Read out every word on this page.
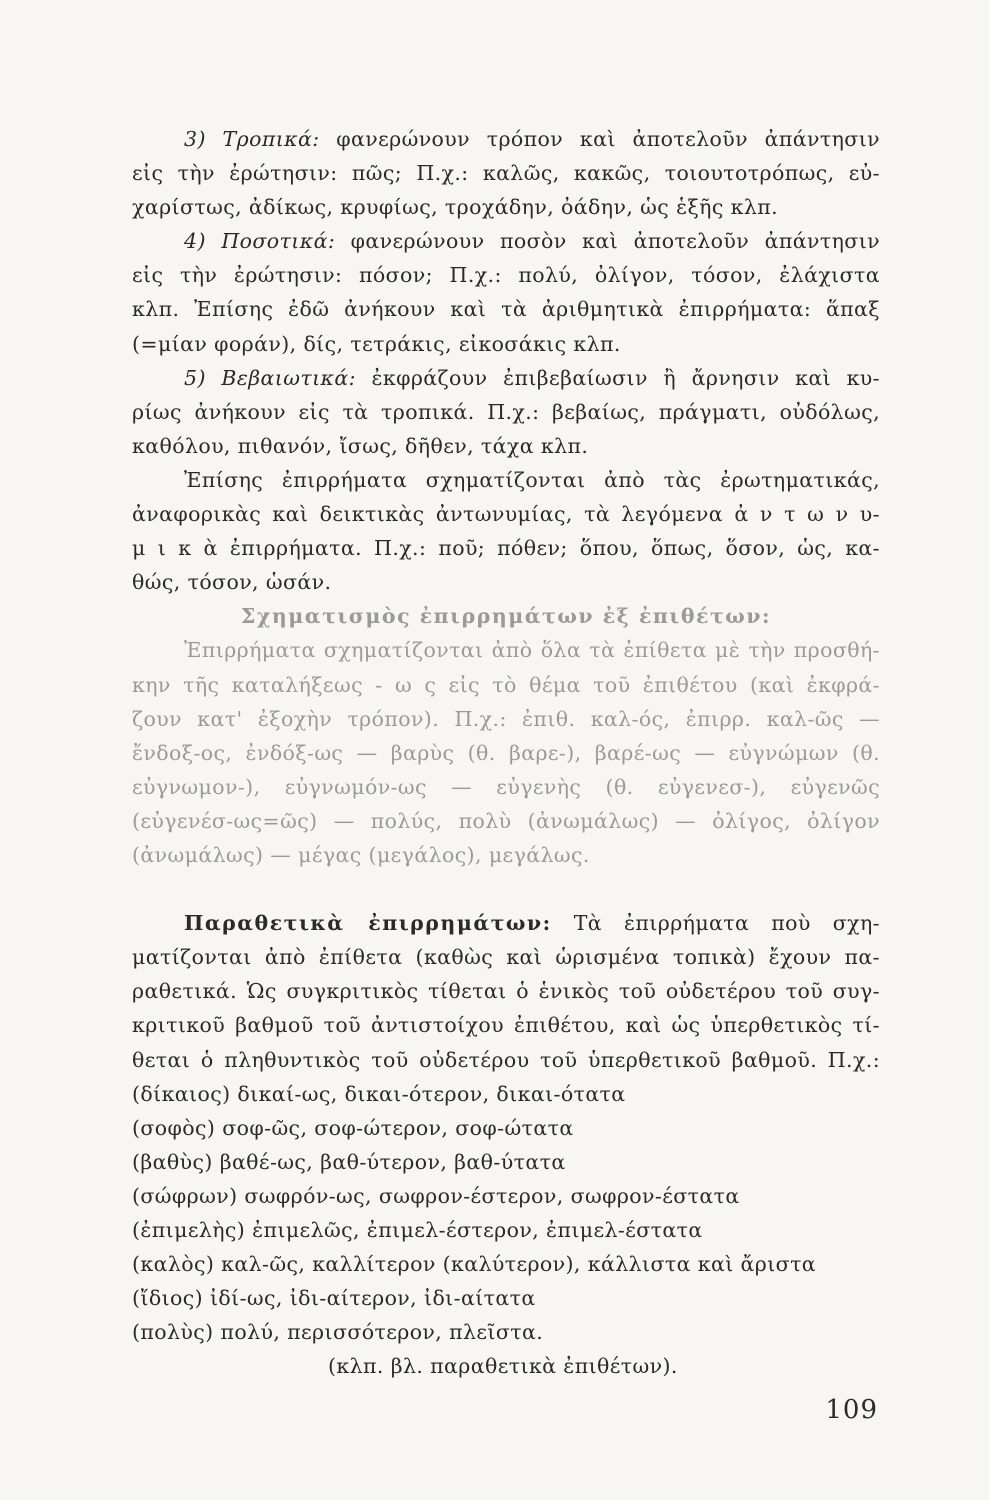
3) Τροπικά: φανερώνουν τρόπον καὶ ἀποτελοῦν ἀπάντησιν
εἰς τὴν ἐρώτησιν: πῶς; Π.χ.: καλῶς, κακῶς, τοιουτοτρόπως, εὐ-
χαρίστως, ἀδίκως, κρυφίως, τροχάδην, ὀάδην, ὡς ἑξῆς κλπ.
4) Ποσοτικά: φανερώνουν ποσὸν καὶ ἀποτελοῦν ἀπάντησιν
εἰς τὴν ἐρώτησιν: πόσον; Π.χ.: πολύ, ὀλίγον, τόσον, ἐλάχιστα
κλπ. Ἐπίσης ἐδῶ ἀνήκουν καὶ τὰ ἀριθμητικὰ ἐπιρρήματα: ἅπαξ
(=μίαν φοράν), δίς, τετράκις, εἰκοσάκις κλπ.
5) Βεβαιωτικά: ἐκφράζουν ἐπιβεβαίωσιν ἢ ἄρνησιν καὶ κυ-
ρίως ἀνήκουν εἰς τὰ τροπικά. Π.χ.: βεβαίως, πράγματι, οὐδόλως,
καθόλου, πιθανόν, ἴσως, δῆθεν, τάχα κλπ.
Ἐπίσης ἐπιρρήματα σχηματίζονται ἀπὸ τὰς ἐρωτηματικάς,
ἀναφορικὰς καὶ δεικτικὰς ἀντωνυμίας, τὰ λεγόμενα ἀ ν τ ω ν υ-
μ ι κ ὰ ἐπιρρήματα. Π.χ.: ποῦ; πόθεν; ὅπου, ὅπως, ὅσον, ὡς, κα-
θώς, τόσον, ὡσάν.
Σχηματισμὸς ἐπιρρημάτων ἐξ ἐπιθέτων:
Ἐπιρρήματα σχηματίζονται ἀπὸ ὅλα τὰ ἐπίθετα μὲ τὴν προσθή-
κην τῆς καταλήξεως - ω ς εἰς τὸ θέμα τοῦ ἐπιθέτου (καὶ ἐκφρά-
ζουν κατ' ἐξοχὴν τρόπον). Π.χ.: ἐπιθ. καλ-ός, ἐπιρρ. καλ-ῶς —
ἔνδοξ-ος, ἐνδόξ-ως — βαρὺς (θ. βαρε-), βαρέ-ως — εὐγνώμων (θ.
εὐγνωμον-), εὐγνωμόν-ως — εὐγενὴς (θ. εὐγενεσ-), εὐγενῶς
(εὐγενέσ-ως=ῶς) — πολύς, πολὺ (ἀνωμάλως) — ὀλίγος, ὀλίγον
(ἀνωμάλως) — μέγας (μεγάλος), μεγάλως.
Παραθετικὰ ἐπιρρημάτων: Τὰ ἐπιρρήματα ποὺ σχη-
ματίζονται ἀπὸ ἐπίθετα (καθὼς καὶ ὡρισμένα τοπικὰ) ἔχουν πα-
ραθετικά. Ὡς συγκριτικὸς τίθεται ὁ ἑνικὸς τοῦ οὐδετέρου τοῦ συγ-
κριτικοῦ βαθμοῦ τοῦ ἀντιστοίχου ἐπιθέτου, καὶ ὡς ὑπερθετικὸς τί-
θεται ὁ πληθυντικὸς τοῦ οὐδετέρου τοῦ ὑπερθετικοῦ βαθμοῦ. Π.χ.:
(δίκαιος) δικαί-ως, δικαι-ότερον, δικαι-ότατα
(σοφὸς) σοφ-ῶς, σοφ-ώτερον, σοφ-ώτατα
(βαθὺς) βαθέ-ως, βαθ-ύτερον, βαθ-ύτατα
(σώφρων) σωφρόν-ως, σωφρον-έστερον, σωφρον-έστατα
(ἐπιμελὴς) ἐπιμελῶς, ἐπιμελ-έστερον, ἐπιμελ-έστατα
(καλὸς) καλ-ῶς, καλλίτερον (καλύτερον), κάλλιστα καὶ ἄριστα
(ἴδιος) ἰδί-ως, ἰδι-αίτερον, ἰδι-αίτατα
(πολὺς) πολύ, περισσότερον, πλεῖστα.
(κλπ. βλ. παραθετικὰ ἐπιθέτων).
109
